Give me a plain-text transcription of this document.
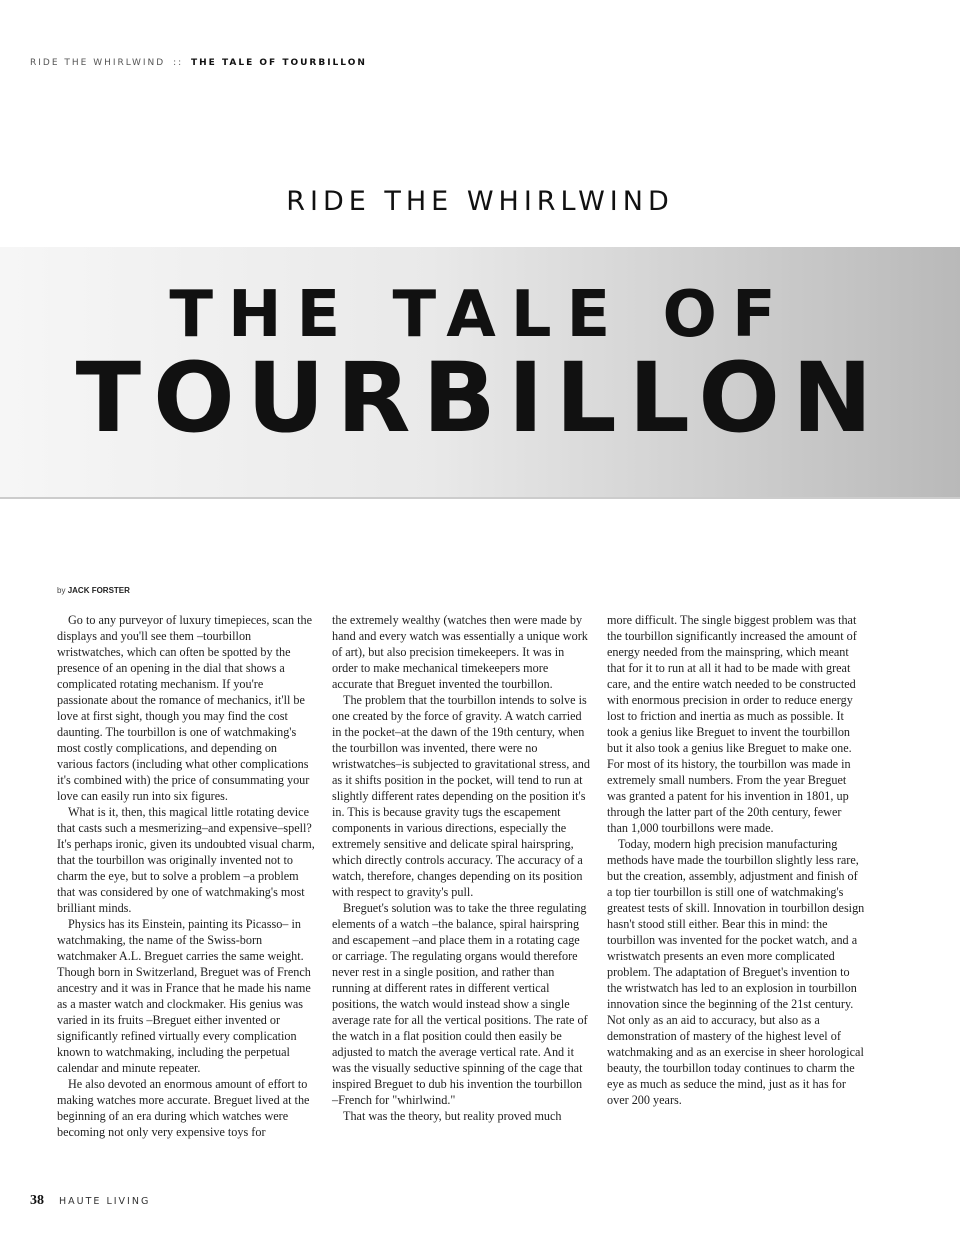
RIDE THE WHIRLWIND :: THE TALE OF TOURBILLON
RIDE THE WHIRLWIND
THE TALE OF
TOURBILLON
by JACK FORSTER

Go to any purveyor of luxury timepieces, scan the displays and you'll see them –tourbillon wristwatches, which can often be spotted by the presence of an opening in the dial that shows a complicated rotating mechanism. If you're passionate about the romance of mechanics, it'll be love at first sight, though you may find the cost daunting. The tourbillon is one of watchmaking's most costly complications, and depending on various factors (including what other complications it's combined with) the price of consummating your love can easily run into six figures.

What is it, then, this magical little rotating device that casts such a mesmerizing–and expensive–spell? It's perhaps ironic, given its undoubted visual charm, that the tourbillon was originally invented not to charm the eye, but to solve a problem –a problem that was considered by one of watchmaking's most brilliant minds.

Physics has its Einstein, painting its Picasso– in watchmaking, the name of the Swiss-born watchmaker A.L. Breguet carries the same weight. Though born in Switzerland, Breguet was of French ancestry and it was in France that he made his name as a master watch and clockmaker. His genius was varied in its fruits –Breguet either invented or significantly refined virtually every complication known to watchmaking, including the perpetual calendar and minute repeater.

He also devoted an enormous amount of effort to making watches more accurate. Breguet lived at the beginning of an era during which watches were becoming not only very expensive toys for

the extremely wealthy (watches then were made by hand and every watch was essentially a unique work of art), but also precision timekeepers. It was in order to make mechanical timekeepers more accurate that Breguet invented the tourbillon.

The problem that the tourbillon intends to solve is one created by the force of gravity. A watch carried in the pocket–at the dawn of the 19th century, when the tourbillon was invented, there were no wristwatches–is subjected to gravitational stress, and as it shifts position in the pocket, will tend to run at slightly different rates depending on the position it's in. This is because gravity tugs the escapement components in various directions, especially the extremely sensitive and delicate spiral hairspring, which directly controls accuracy. The accuracy of a watch, therefore, changes depending on its position with respect to gravity's pull.

Breguet's solution was to take the three regulating elements of a watch –the balance, spiral hairspring and escapement –and place them in a rotating cage or carriage. The regulating organs would therefore never rest in a single position, and rather than running at different rates in different vertical positions, the watch would instead show a single average rate for all the vertical positions. The rate of the watch in a flat position could then easily be adjusted to match the average vertical rate. And it was the visually seductive spinning of the cage that inspired Breguet to dub his invention the tourbillon –French for "whirlwind."

That was the theory, but reality proved much

more difficult. The single biggest problem was that the tourbillon significantly increased the amount of energy needed from the mainspring, which meant that for it to run at all it had to be made with great care, and the entire watch needed to be constructed with enormous precision in order to reduce energy lost to friction and inertia as much as possible. It took a genius like Breguet to invent the tourbillon but it also took a genius like Breguet to make one. For most of its history, the tourbillon was made in extremely small numbers. From the year Breguet was granted a patent for his invention in 1801, up through the latter part of the 20th century, fewer than 1,000 tourbillons were made.

Today, modern high precision manufacturing methods have made the tourbillon slightly less rare, but the creation, assembly, adjustment and finish of a top tier tourbillon is still one of watchmaking's greatest tests of skill. Innovation in tourbillon design hasn't stood still either. Bear this in mind: the tourbillon was invented for the pocket watch, and a wristwatch presents an even more complicated problem. The adaptation of Breguet's invention to the wristwatch has led to an explosion in tourbillon innovation since the beginning of the 21st century. Not only as an aid to accuracy, but also as a demonstration of mastery of the highest level of watchmaking and as an exercise in sheer horological beauty, the tourbillon today continues to charm the eye as much as seduce the mind, just as it has for over 200 years.

38 HAUTE LIVING
